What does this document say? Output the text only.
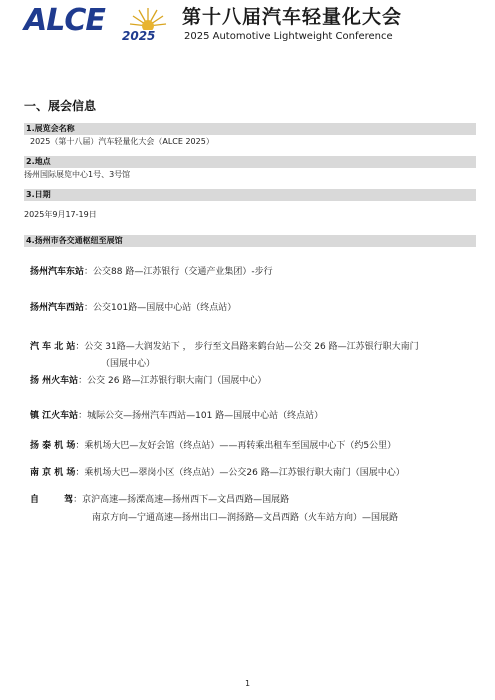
ALCE 2025
第十八届汽车轻量化大会
2025 Automotive Lightweight Conference
一、展会信息
1.展览会名称
2025（第十八届）汽车轻量化大会（ALCE 2025）
2.地点
扬州国际展览中心1号、3号馆
3.日期
2025年9月17-19日
4.扬州市各交通枢纽至展馆
扬州汽车东站：公交88 路—江苏银行（交通产业集团）-步行
扬州汽车西站：公交101路—国展中心站（终点站）
汽 车 北 站：公交 31路—大润发站下 ， 步行至文昌路来鹤台站—公交 26 路—江苏银行职大南门
（国展中心）
扬 州火车站：公交 26 路—江苏银行职大南门（国展中心）
镇 江火车站：城际公交—扬州汽车西站—101 路—国展中心站（终点站）
扬 泰 机 场：乘机场大巴—友好会馆（终点站）——再转乘出租车至国展中心下（约5公里）
南 京 机 场：乘机场大巴—翠岗小区（终点站）—公交26 路—江苏银行职大南门（国展中心）
自        驾：京沪高速—扬溧高速—扬州西下—文昌西路—国展路
南京方向—宁通高速—扬州出口—润扬路—文昌西路（火车站方向）—国展路
1
